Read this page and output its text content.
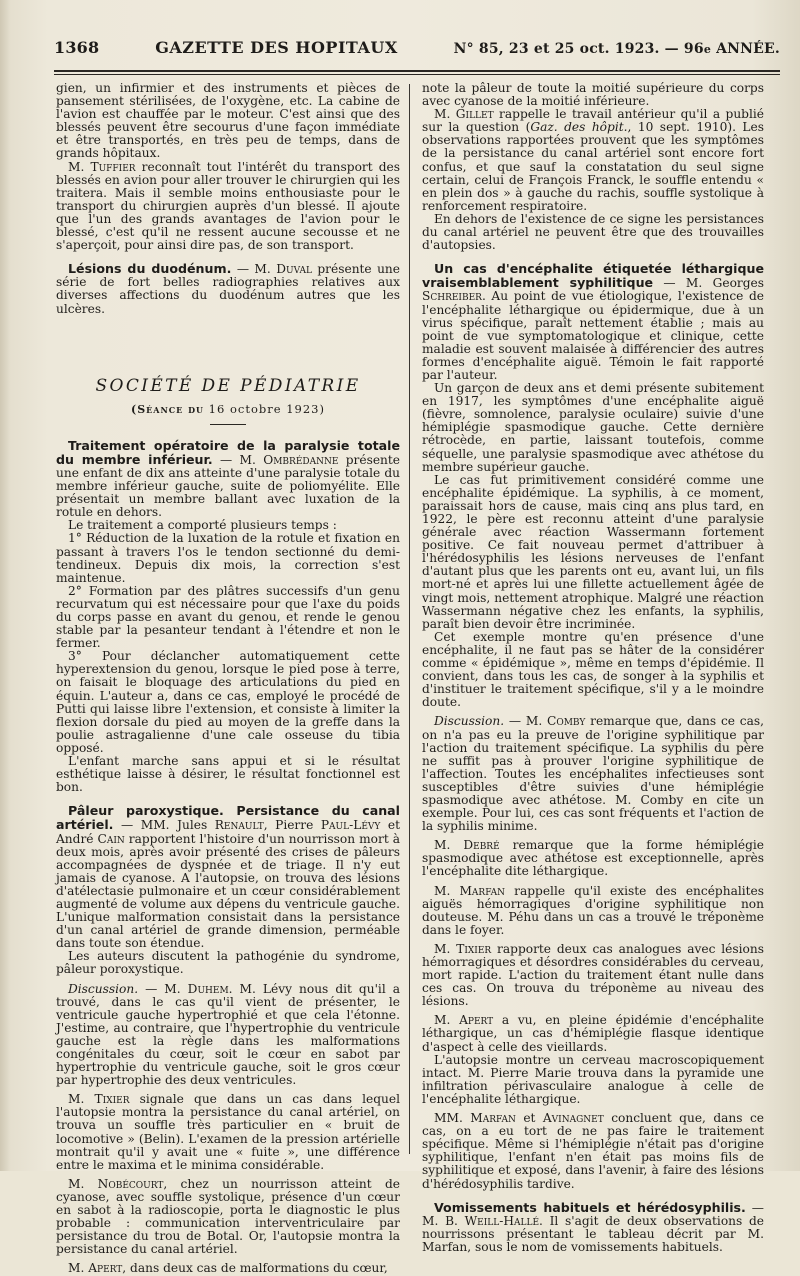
1368	GAZETTE DES HOPITAUX	N° 85, 23 et 25 oct. 1923. — 96e ANNÉE.

gien, un infirmier et des instruments et pièces de pansement stérilisées, de l'oxygène, etc. La cabine de l'avion est chauffée par le moteur. C'est ainsi que des blessés peuvent être secourus d'une façon immédiate et être transportés, en très peu de temps, dans de grands hôpitaux.

M. Tuffier reconnaît tout l'intérêt du transport des blessés en avion pour aller trouver le chirurgien qui les traitera. Mais il semble moins enthousiaste pour le transport du chirurgien auprès d'un blessé. Il ajoute que l'un des grands avantages de l'avion pour le blessé, c'est qu'il ne ressent aucune secousse et ne s'aperçoit, pour ainsi dire pas, de son transport.

Lésions du duodénum. — M. Duval présente une série de fort belles radiographies relatives aux diverses affections du duodénum autres que les ulcères.

SOCIÉTÉ DE PÉDIATRIE
(Séance du 16 octobre 1923)

Traitement opératoire de la paralysie totale du membre inférieur. — M. Ombrédanne présente une enfant de dix ans atteinte d'une paralysie totale du membre inférieur gauche, suite de poliomyélite. Elle présentait un membre ballant avec luxation de la rotule en dehors.

Le traitement a comporté plusieurs temps :

1° Réduction de la luxation de la rotule et fixation en passant à travers l'os le tendon sectionné du demi-tendineux. Depuis dix mois, la correction s'est maintenue.

2° Formation par des plâtres successifs d'un genu recurvatum qui est nécessaire pour que l'axe du poids du corps passe en avant du genou, et rende le genou stable par la pesanteur tendant à l'étendre et non le fermer.

3° Pour déclancher automatiquement cette hyperextension du genou, lorsque le pied pose à terre, on faisait le bloquage des articulations du pied en équin. L'auteur a, dans ce cas, employé le procédé de Putti qui laisse libre l'extension, et consiste à limiter la flexion dorsale du pied au moyen de la greffe dans la poulie astragalienne d'une cale osseuse du tibia opposé.

L'enfant marche sans appui et si le résultat esthétique laisse à désirer, le résultat fonctionnel est bon.

Pâleur paroxystique. Persistance du canal artériel. — MM. Jules Renault, Pierre Paul-Lévy et André Cain rapportent l'histoire d'un nourrisson mort à deux mois, après avoir présenté des crises de pâleurs accompagnées de dyspnée et de triage. Il n'y eut jamais de cyanose. A l'autopsie, on trouva des lésions d'atélectasie pulmonaire et un cœur considérablement augmenté de volume aux dépens du ventricule gauche. L'unique malformation consistait dans la persistance d'un canal artériel de grande dimension, perméable dans toute son étendue.

Les auteurs discutent la pathogénie du syndrome, pâleur poroxystique.

Discussion. — M. Duhem. M. Lévy nous dit qu'il a trouvé, dans le cas qu'il vient de présenter, le ventricule gauche hypertrophié et que cela l'étonne. J'estime, au contraire, que l'hypertrophie du ventricule gauche est la règle dans les malformations congénitales du cœur, soit le cœur en sabot par hypertrophie du ventricule gauche, soit le gros cœur par hypertrophie des deux ventricules.

M. Tixier signale que dans un cas dans lequel l'autopsie montra la persistance du canal artériel, on trouva un souffle très particulier en « bruit de locomotive » (Belin). L'examen de la pression artérielle montrait qu'il y avait une « fuite », une différence entre le maxima et le minima considérable.

M. Nobécourt, chez un nourrisson atteint de cyanose, avec souffle systolique, présence d'un cœur en sabot à la radioscopie, porta le diagnostic le plus probable : communication interventriculaire par persistance du trou de Botal. Or, l'autopsie montra la persistance du canal artériel.

M. Apert, dans deux cas de malformations du cœur,

note la pâleur de toute la moitié supérieure du corps avec cyanose de la moitié inférieure.

M. Gillet rappelle le travail antérieur qu'il a publié sur la question (Gaz. des hôpit., 10 sept. 1910). Les observations rapportées prouvent que les symptômes de la persistance du canal artériel sont encore fort confus, et que sauf la constatation du seul signe certain, celui de François Franck, le souffle entendu « en plein dos » à gauche du rachis, souffle systolique à renforcement respiratoire.

En dehors de l'existence de ce signe les persistances du canal artériel ne peuvent être que des trouvailles d'autopsies.

Un cas d'encéphalite étiquetée léthargique vraisemblablement syphilitique — M. Georges Schreiber. Au point de vue étiologique, l'existence de l'encéphalite léthargique ou épidermique, due à un virus spécifique, paraît nettement établie ; mais au point de vue symptomatologique et clinique, cette maladie est souvent malaisée à différencier des autres formes d'encéphalite aiguë. Témoin le fait rapporté par l'auteur.

Un garçon de deux ans et demi présente subitement en 1917, les symptômes d'une encéphalite aiguë (fièvre, somnolence, paralysie oculaire) suivie d'une hémiplégie spasmodique gauche. Cette dernière rétrocède, en partie, laissant toutefois, comme séquelle, une paralysie spasmodique avec athétose du membre supérieur gauche.

Le cas fut primitivement considéré comme une encéphalite épidémique. La syphilis, à ce moment, paraissait hors de cause, mais cinq ans plus tard, en 1922, le père est reconnu atteint d'une paralysie générale avec réaction Wassermann fortement positive. Ce fait nouveau permet d'attribuer à l'hérédosyphilis les lésions nerveuses de l'enfant d'autant plus que les parents ont eu, avant lui, un fils mort-né et après lui une fillette actuellement âgée de vingt mois, nettement atrophique. Malgré une réaction Wassermann négative chez les enfants, la syphilis, paraît bien devoir être incriminée.

Cet exemple montre qu'en présence d'une encéphalite, il ne faut pas se hâter de la considérer comme « épidémique », même en temps d'épidémie. Il convient, dans tous les cas, de songer à la syphilis et d'instituer le traitement spécifique, s'il y a le moindre doute.

Discussion. — M. Comby remarque que, dans ce cas, on n'a pas eu la preuve de l'origine syphilitique par l'action du traitement spécifique. La syphilis du père ne suffit pas à prouver l'origine syphilitique de l'affection. Toutes les encéphalites infectieuses sont susceptibles d'être suivies d'une hémiplégie spasmodique avec athétose. M. Comby en cite un exemple. Pour lui, ces cas sont fréquents et l'action de la syphilis minime.

M. Debré remarque que la forme hémiplégie spasmodique avec athétose est exceptionnelle, après l'encéphalite dite léthargique.

M. Marfan rappelle qu'il existe des encéphalites aiguës hémorragiques d'origine syphilitique non douteuse. M. Péhu dans un cas a trouvé le tréponème dans le foyer.

M. Tixier rapporte deux cas analogues avec lésions hémorragiques et désordres considérables du cerveau, mort rapide. L'action du traitement étant nulle dans ces cas. On trouva du tréponème au niveau des lésions.

M. Apert a vu, en pleine épidémie d'encéphalite léthargique, un cas d'hémiplégie flasque identique d'aspect à celle des vieillards.

L'autopsie montre un cerveau macroscopiquement intact. M. Pierre Marie trouva dans la pyramide une infiltration périvasculaire analogue à celle de l'encéphalite léthargique.

MM. Marfan et Avinagnet concluent que, dans ce cas, on a eu tort de ne pas faire le traitement spécifique. Même si l'hémiplégie n'était pas d'origine syphilitique, l'enfant n'en était pas moins fils de syphilitique et exposé, dans l'avenir, à faire des lésions d'hérédosyphilis tardive.

Vomissements habituels et hérédosyphilis. — M. B. Weill-Hallé. Il s'agit de deux observations de nourrissons présentant le tableau décrit par M. Marfan, sous le nom de vomissements habituels.
